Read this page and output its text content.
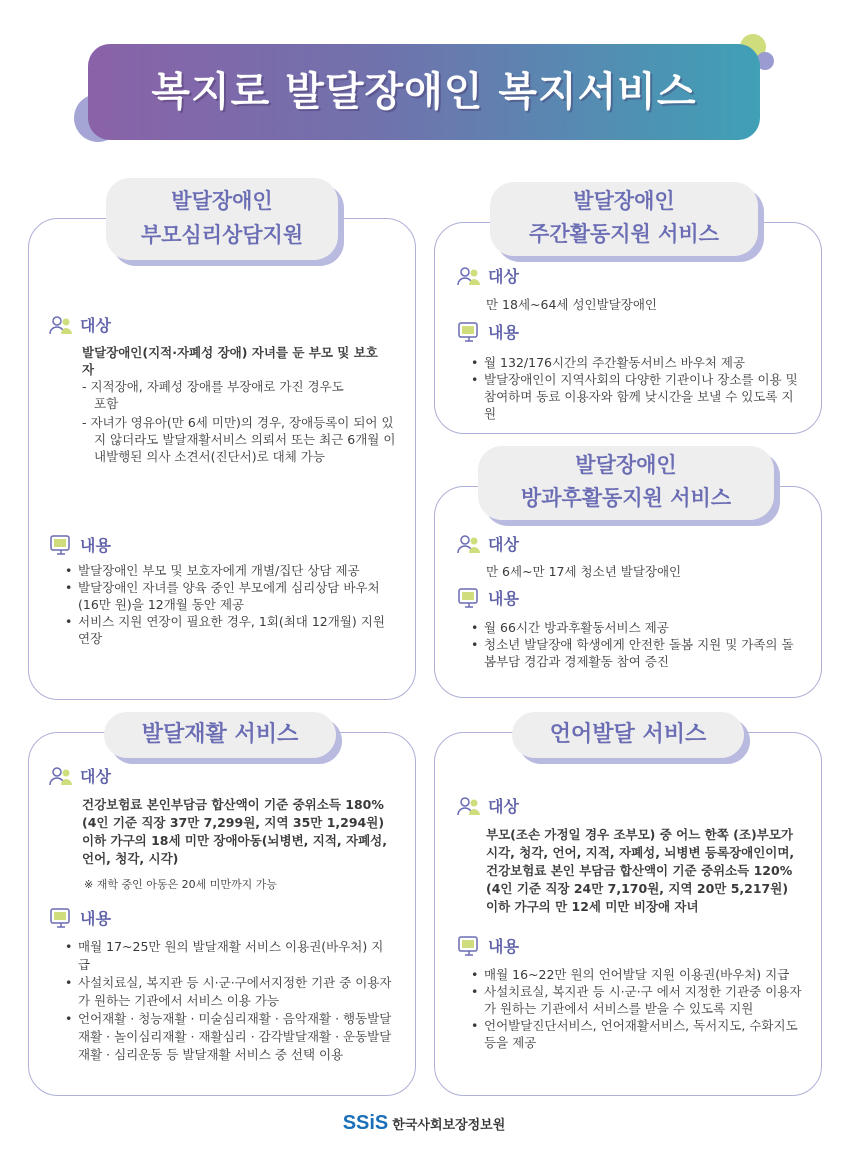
복지로 발달장애인 복지서비스
발달장애인
부모심리상담지원
대상
발달장애인(지적·자폐성 장애) 자녀를 둔 부모 및 보호자
- 지적장애, 자폐성 장애를 부장애로 가진 경우도 포함
- 자녀가 영유아(만 6세 미만)의 경우, 장애등록이 되어 있지 않더라도 발달재활서비스 의뢰서 또는 최근 6개월 이내발행된 의사 소견서(진단서)로 대체 가능
내용
• 발달장애인 부모 및 보호자에게 개별/집단 상담 제공
• 발달장애인 자녀를 양육 중인 부모에게 심리상담 바우처(16만 원)을 12개월 동안 제공
• 서비스 지원 연장이 필요한 경우, 1회(최대 12개월) 지원 연장
발달장애인
주간활동지원 서비스
대상
만 18세~64세 성인발달장애인
내용
• 월 132/176시간의 주간활동서비스 바우처 제공
• 발달장애인이 지역사회의 다양한 기관이나 장소를 이용 및 참여하며 동료 이용자와 함께 낮시간을 보낼 수 있도록 지원
발달장애인
방과후활동지원 서비스
대상
만 6세~만 17세 청소년 발달장애인
내용
• 월 66시간 방과후활동서비스 제공
• 청소년 발달장애 학생에게 안전한 돌봄 지원 및 가족의 돌봄부담 경감과 경제활동 참여 증진
발달재활 서비스
대상
건강보험료 본인부담금 합산액이 기준 중위소득 180%(4인 기준 직장 37만 7,299원, 지역 35만 1,294원) 이하 가구의 18세 미만 장애아동(뇌병변, 지적, 자폐성, 언어, 청각, 시각)
※ 재학 중인 아동은 20세 미만까지 가능
내용
• 매월 17~25만 원의 발달재활 서비스 이용권(바우처) 지급
• 사설치료실, 복지관 등 시·군·구에서지정한 기관 중 이용자가 원하는 기관에서 서비스 이용 가능
• 언어재활 · 청능재활 · 미술심리재활 · 음악재활 · 행동발달재활 · 놀이심리재활 · 재활심리 · 감각발달재활 · 운동발달재활 · 심리운동 등 발달재활 서비스 중 선택 이용
언어발달 서비스
대상
부모(조손 가정일 경우 조부모) 중 어느 한쪽 (조)부모가 시각, 청각, 언어, 지적, 자폐성, 뇌병변 등록장애인이며, 건강보험료 본인 부담금 합산액이 기준 중위소득 120%(4인 기준 직장 24만 7,170원, 지역 20만 5,217원) 이하 가구의 만 12세 미만 비장애 자녀
내용
• 매월 16~22만 원의 언어발달 지원 이용권(바우처) 지급
• 사설치료실, 복지관 등 시·군·구 에서 지정한 기관중 이용자가 원하는 기관에서 서비스를 받을 수 있도록 지원
• 언어발달진단서비스, 언어재활서비스, 독서지도, 수화지도 등을 제공
SSiS 한국사회보장정보원
